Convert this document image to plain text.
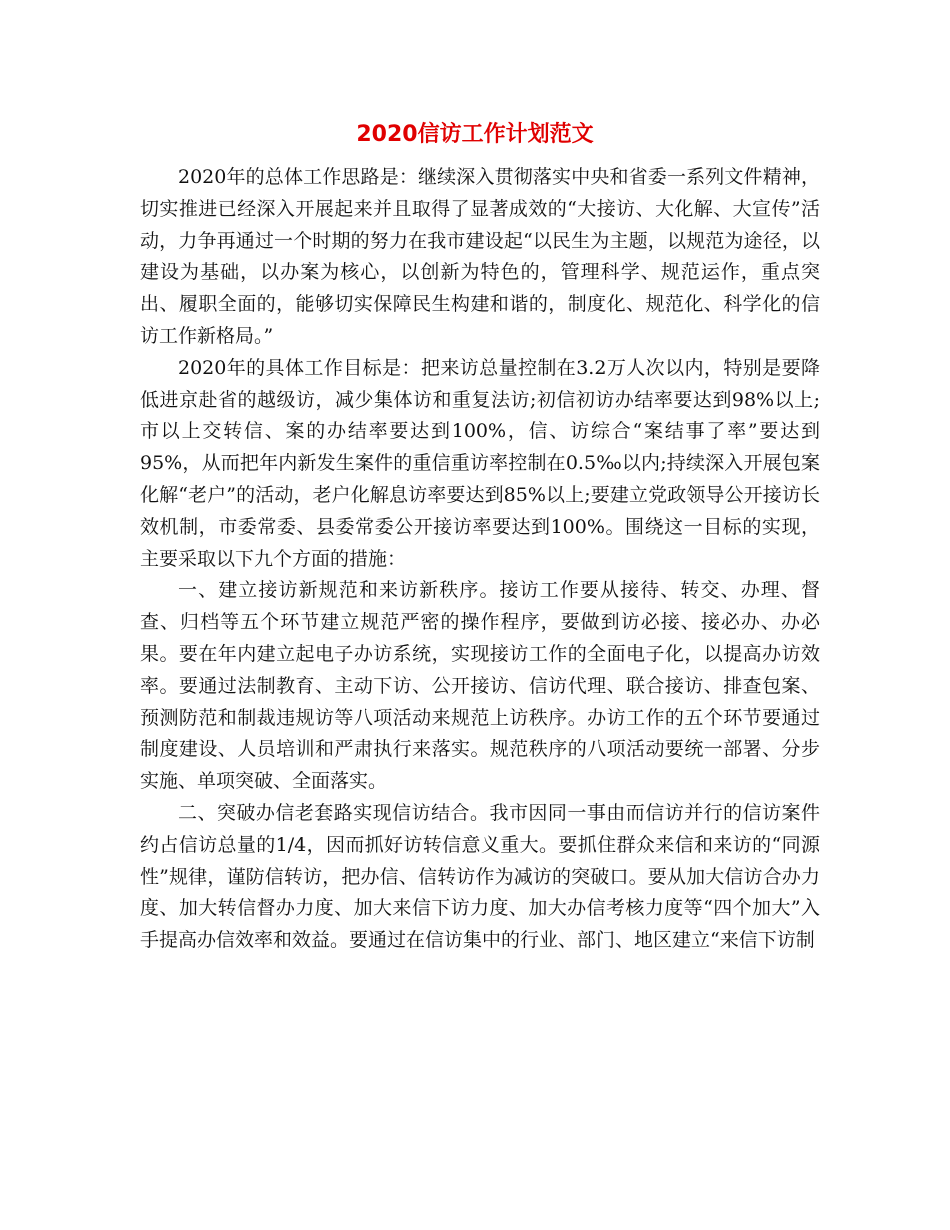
2020信访工作计划范文

2020年的总体工作思路是：继续深入贯彻落实中央和省委一系列文件精神，切实推进已经深入开展起来并且取得了显著成效的“大接访、大化解、大宣传”活动，力争再通过一个时期的努力在我市建设起“以民生为主题，以规范为途径，以建设为基础，以办案为核心，以创新为特色的，管理科学、规范运作，重点突出、履职全面的，能够切实保障民生构建和谐的，制度化、规范化、科学化的信访工作新格局。”

2020年的具体工作目标是：把来访总量控制在3.2万人次以内，特别是要降低进京赴省的越级访，减少集体访和重复法访;初信初访办结率要达到98%以上;市以上交转信、案的办结率要达到100%，信、访综合“案结事了率”要达到95%，从而把年内新发生案件的重信重访率控制在0.5‰以内;持续深入开展包案化解“老户”的活动，老户化解息访率要达到85%以上;要建立党政领导公开接访长效机制，市委常委、县委常委公开接访率要达到100%。围绕这一目标的实现，主要采取以下九个方面的措施：

一、建立接访新规范和来访新秩序。接访工作要从接待、转交、办理、督查、归档等五个环节建立规范严密的操作程序，要做到访必接、接必办、办必果。要在年内建立起电子办访系统，实现接访工作的全面电子化，以提高办访效率。要通过法制教育、主动下访、公开接访、信访代理、联合接访、排查包案、预测防范和制裁违规访等八项活动来规范上访秩序。办访工作的五个环节要通过制度建设、人员培训和严肃执行来落实。规范秩序的八项活动要统一部署、分步实施、单项突破、全面落实。

二、突破办信老套路实现信访结合。我市因同一事由而信访并行的信访案件约占信访总量的1/4，因而抓好访转信意义重大。要抓住群众来信和来访的“同源性”规律，谨防信转访，把办信、信转访作为减访的突破口。要从加大信访合办力度、加大转信督办力度、加大来信下访力度、加大办信考核力度等“四个加大”入手提高办信效率和效益。要通过在信访集中的行业、部门、地区建立“来信下访制
